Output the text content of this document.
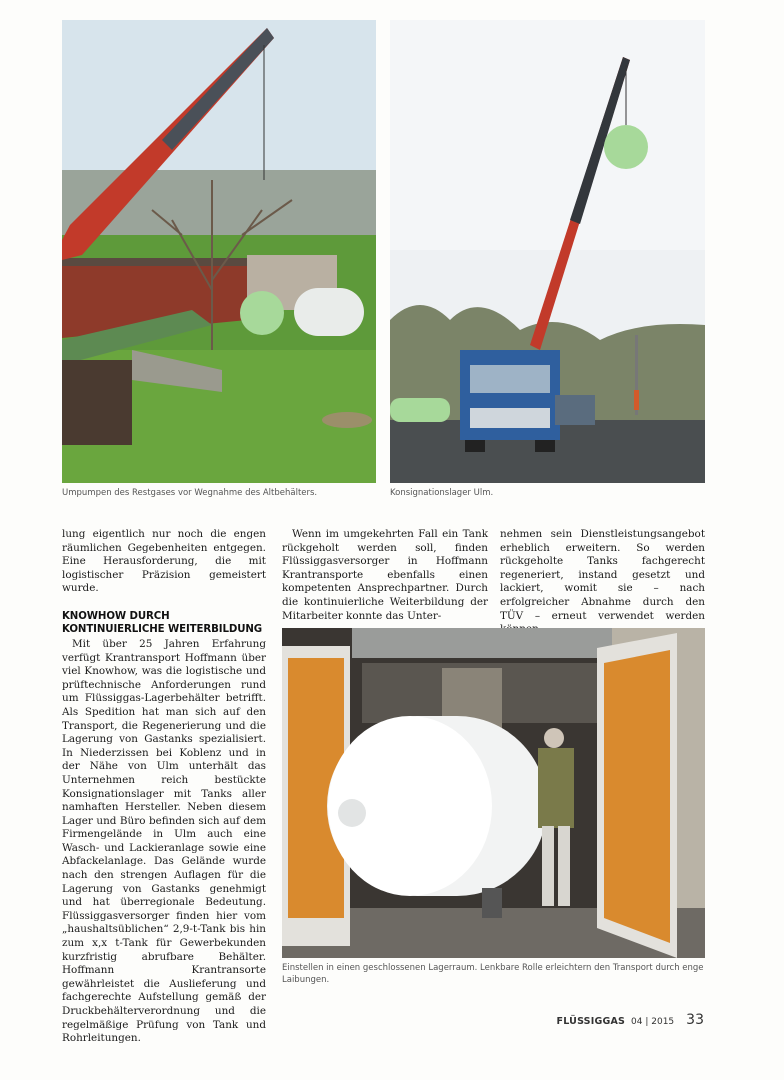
Umpumpen des Restgases vor Wegnahme des Altbehälters.	Konsignationslager Ulm.

lung eigentlich nur noch die engen räumlichen Gegebenheiten entgegen. Eine Herausforderung, die mit logistischer Präzision gemeistert wurde.

KNOWHOW DURCH
KONTINUIERLICHE WEITERBILDUNG

Mit über 25 Jahren Erfahrung verfügt Krantransport Hoffmann über viel Knowhow, was die logistische und prüftechnische Anforderungen rund um Flüssiggas-Lagerbehälter betrifft. Als Spedition hat man sich auf den Transport, die Regenerierung und die Lagerung von Gastanks spezialisiert. In Niederzissen bei Koblenz und in der Nähe von Ulm unterhält das Unternehmen reich bestückte Konsignationslager mit Tanks aller namhaften Hersteller. Neben diesem Lager und Büro befinden sich auf dem Firmengelände in Ulm auch eine Wasch- und Lackieranlage sowie eine Abfackelanlage. Das Gelände wurde nach den strengen Auflagen für die Lagerung von Gastanks genehmigt und hat überregionale Bedeutung. Flüssiggasversorger finden hier vom „haushaltsüblichen“ 2,9-t-Tank bis hin zum x,x t-Tank für Gewerbekunden kurzfristig abrufbare Behälter. Hoffmann Krantransorte gewährleistet die Auslieferung und fachgerechte Aufstellung gemäß der Druckbehälterverordnung und die regelmäßige Prüfung von Tank und Rohrleitungen.

Wenn im umgekehrten Fall ein Tank rückgeholt werden soll, finden Flüssiggasversorger in Hoffmann Krantransporte ebenfalls einen kompetenten Ansprechpartner. Durch die kontinuierliche Weiterbildung der Mitarbeiter konnte das Unter-

nehmen sein Dienstleistungsangebot erheblich erweitern. So werden rückgeholte Tanks fachgerecht regeneriert, instand gesetzt und lackiert, womit sie – nach erfolgreicher Abnahme durch den TÜV – erneut verwendet werden

Einstellen in einen geschlossenen Lagerraum. Lenkbare Rolle erleichtern den Transport durch enge Laibungen.
FLÜSSIGGAS 04 | 2015 33
